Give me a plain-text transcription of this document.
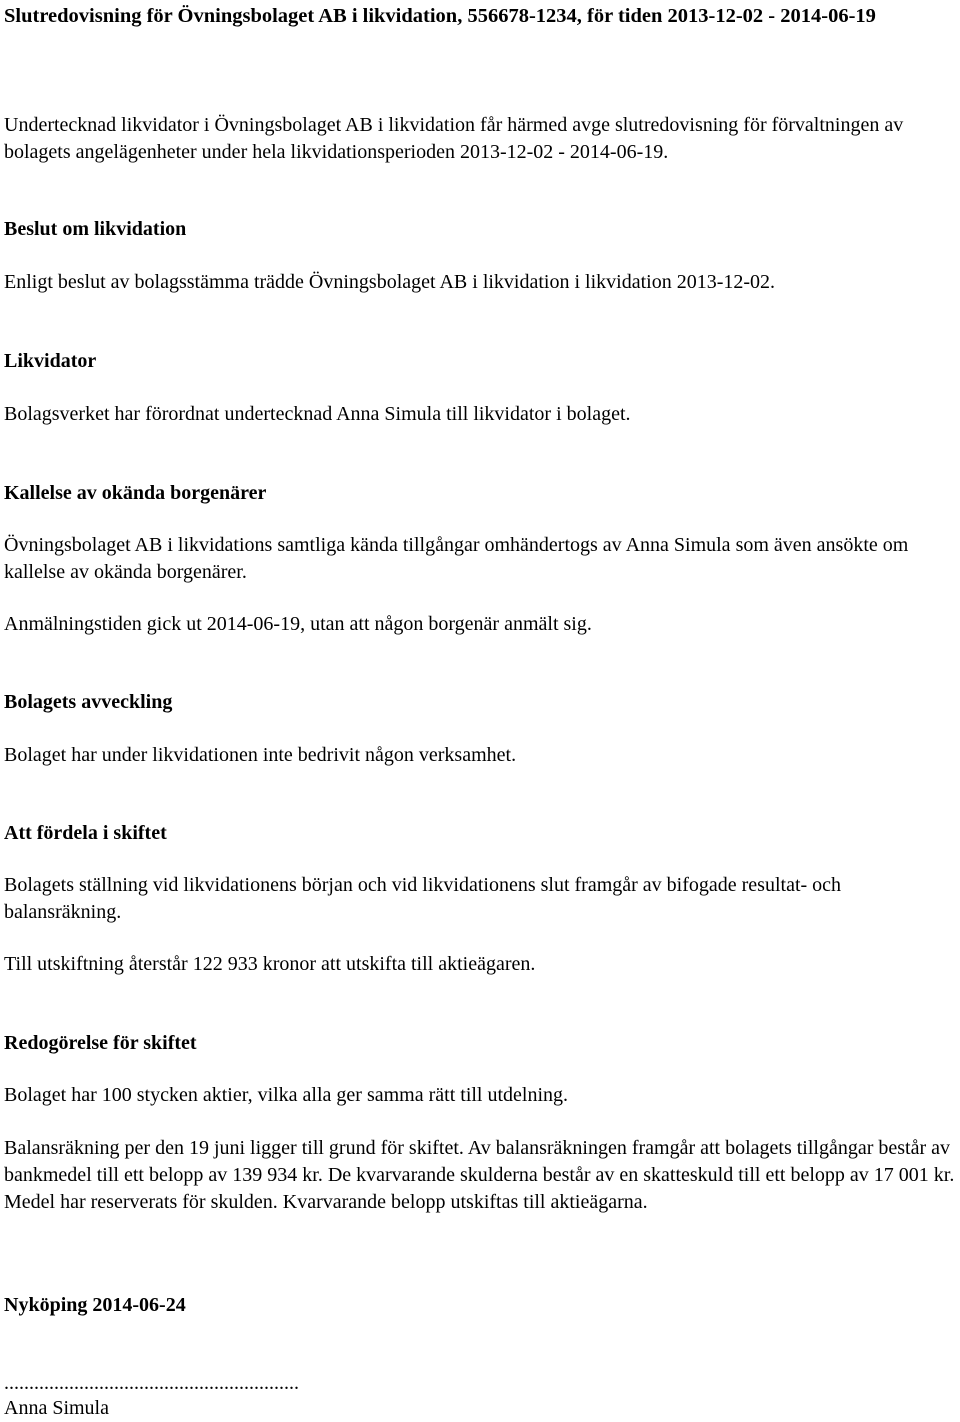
Slutredovisning för Övningsbolaget AB i likvidation, 556678-1234, för tiden 2013-12-02 - 2014-06-19

Undertecknad likvidator i Övningsbolaget AB i likvidation får härmed avge slutredovisning för förvaltningen av bolagets angelägenheter under hela likvidationsperioden 2013-12-02 - 2014-06-19.

Beslut om likvidation

Enligt beslut av bolagsstämma trädde Övningsbolaget AB i likvidation i likvidation 2013-12-02.

Likvidator

Bolagsverket har förordnat undertecknad Anna Simula till likvidator i bolaget.

Kallelse av okända borgenärer

Övningsbolaget AB i likvidations samtliga kända tillgångar omhändertogs av Anna Simula som även ansökte om kallelse av okända borgenärer.

Anmälningstiden gick ut 2014-06-19, utan att någon borgenär anmält sig.

Bolagets avveckling

Bolaget har under likvidationen inte bedrivit någon verksamhet.

Att fördela i skiftet

Bolagets ställning vid likvidationens början och vid likvidationens slut framgår av bifogade resultat- och balansräkning.

Till utskiftning återstår 122 933 kronor att utskifta till aktieägaren.

Redogörelse för skiftet

Bolaget har 100 stycken aktier, vilka alla ger samma rätt till utdelning.

Balansräkning per den 19 juni ligger till grund för skiftet. Av balansräkningen framgår att bolagets tillgångar består av bankmedel till ett belopp av 139 934 kr. De kvarvarande skulderna består av en skatteskuld till ett belopp av 17 001 kr. Medel har reserverats för skulden. Kvarvarande belopp utskiftas till aktieägarna.

Nyköping 2014-06-24

...........................................................

Anna Simula
